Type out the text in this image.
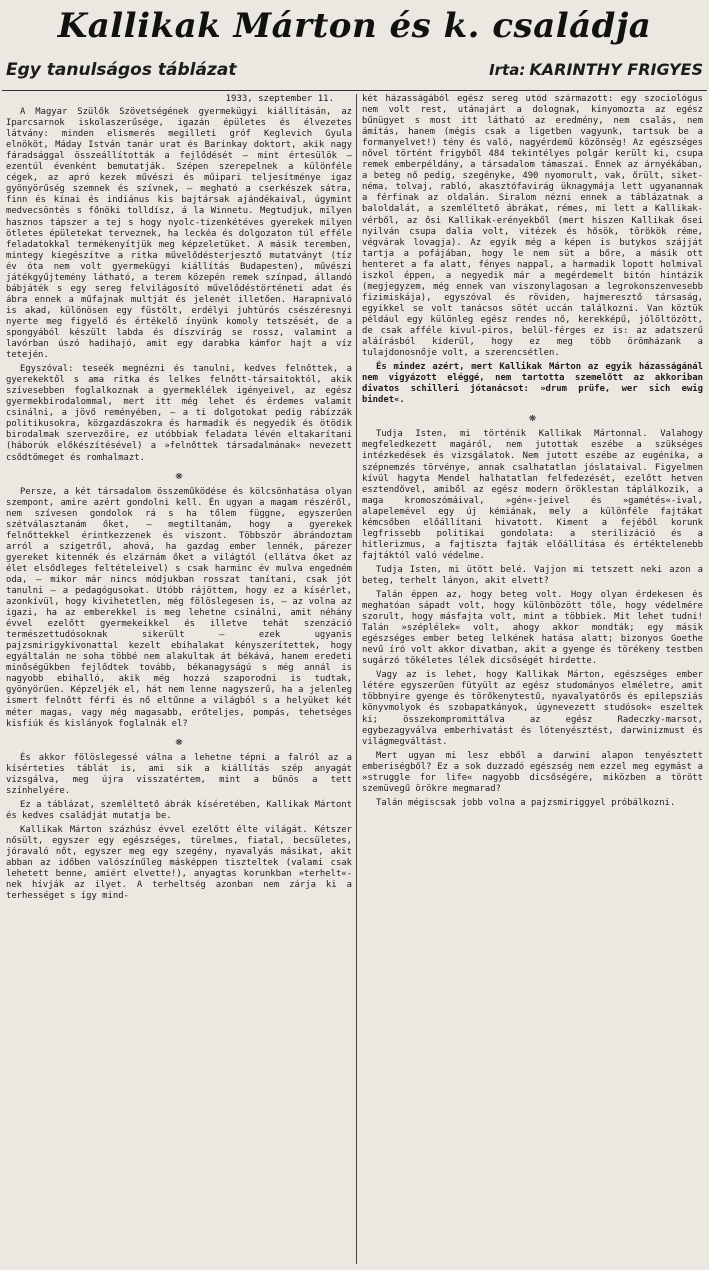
Kallikak Márton és k. családja
Egy tanulságos táblázat	Irta: KARINTHY FRIGYES
1933, szeptember 11.

A Magyar Szülők Szövetségének gyermekügyi kiállításán, az Iparcsarnok iskolaszerűsége, igazán épületes és élvezetes látvány: minden elismerés megilleti gróf Keglevich Gyula elnököt, Máday István tanár urat és Barinkay doktort, akik nagy fáradsággal összeállították a fejlődését — mint értesülök — ezentúl évenként bemutatják. Szépen szerepelnek a különféle cégek, az apró kezek művészi és műipari teljesítménye igaz gyönyörűség szemnek és szívnek, — megható a cserkészek sátra, finn és kínai és indiánus kis bajtársak ajándékaival, úgymint medvecsöntés s főnöki tolldísz, á la Winnetu. Megtudjuk, milyen hasznos tápszer a tej s hogy nyolc-tizenkétéves gyerekek milyen ötletes épületekat terveznek, ha leckéa és dolgozaton túl efféle feladatokkal termékenyítjük meg képzeletüket. A másik teremben, mintegy kiegészítve a ritka művelődésterjesztő mutatványt (tíz év óta nem volt gyermekügyi kiállítás Budapesten), művészi játékgyűjtemény látható, a terem közepén remek színpad, állandó bábjáték s egy sereg felvilágosító művelődéstörténeti adat és ábra ennek a műfajnak multját és jelenét illetően. Harapnivaló is akad, különösen egy füstölt, erdélyi juhtúrós csészéresnyi nyerte meg figyelő és értékelő ínyünk komoly tetszését, de a spongyából készült labda és díszvirág se rossz, valamint a lavórban úszó hadihajó, amit egy darabka kámfor hajt a víz tetején.

Egyszóval: teseék megnézni és tanulni, kedves felnőttek, a gyerekektől s ama ritka és lelkes felnőtt-társaitoktól, akik szívesebben foglalkoznak a gyermeklélek igényeivel, az egész gyermekbirodalommal, mert itt még lehet és érdemes valamit csinálni, a jövő reményében, — a ti dolgotokat pedig rábízzák politikusokra, közgazdászokra és harmadik és negyedik és ötödik birodalmak szervezőire, ez utóbbiak feladata lévén eltakarítani (háborúk előkészítésével) a »felnőttek társadalmának« nevezett csődtömeget és romhalmazt.

❋

Persze, a két társadalom összeműködése és kölcsönhatása olyan szempont, amire azért gondolni kell. Én ugyan a magam részéről, nem szívesen gondolok rá s ha tőlem függne, egyszerűen szétválasztanám őket, — megtiltanám, hogy a gyerekek felnőttekkel érintkezzenek és viszont. Többször ábrándoztam arról a szigetről, ahová, ha gazdag ember lennék, párezer gyereket kitennék és elzárnám őket a világtól (ellátva őket az élet elsődleges feltételeivel) s csak harminc év mulva engedném oda, — mikor már nincs módjukban rosszat tanítani, csak jót tanulni — a pedagógusokat. Utóbb rájöttem, hogy ez a kísérlet, azonkívül, hogy kivihetetlen, még fölöslegesen is, — az volna az igazi, ha az emberekkel is meg lehetne csinálni, amit néhány évvel ezelőtt gyermekeikkel és illetve tehát szenzáció természettudósoknak sikerült — ezek ugyanis pajzsmirigykivonattal kezelt ebihalakat kényszerítettek, hogy egyáltalán ne soha többé nem alakultak át békává, hanem eredeti minőségükben fejlődtek tovább, békanagyságú s még annál is nagyobb ebihalló, akik még hozzá szaporodni is tudtak, gyönyörűen. Képzeljék el, hát nem lenne nagyszerű, ha a jelenleg ismert felnőtt férfi és nő eltűnne a világból s a helyüket két méter magas, vagy még magasabb, erőteljes, pompás, tehetséges kisfiúk és kislányok foglalnák el?

❋

És akkor fölöslegessé válna a lehetne tépni a falról az a kísérteties táblát is, ami sik a kiállítás szép anyagát vizsgálva, meg újra visszatértem, mint a bűnös a tett színhelyére.

Ez a táblázat, szemléltető ábrák kíséretében, Kallikak Mártont és kedves családját mutatja be.

Kallikak Márton százhúsz évvel ezelőtt élte világát. Kétszer nősült, egyszer egy egészséges, türelmes, fiatal, becsületes, jóravaló nőt, egyszer meg egy szegény, nyavalyás másikat, akit abban az időben valószínűleg másképpen tiszteltek (valami csak lehetett benne, amiért elvette!), anyagtas korunkban »terhelt«-nek hívják az ilyet. A terheltség azonban nem zárja ki a terhességet s így mind-

két házasságából egész sereg utód származott: egy szociológus nem volt rest, utánajárt a dolognak, kinyomozta az egész bűnügyet s most itt látható az eredmény, nem csalás, nem ámítás, hanem (mégis csak a ligetben vagyunk, tartsuk be a formanyelvet!) tény és való, nagyérdemű közönség! Az egészséges nővel történt frigyből 484 tekintélyes polgár került ki, csupa remek emberpéldány, a társadalom támaszai. Ennek az árnyékában, a beteg nő pedig, szegényke, 490 nyomorult, vak, őrült, siket-néma, tolvaj, rabló, akasztófavirág üknagymája lett ugyanannak a férfinak az oldalán. Siralom nézni ennek a táblázatnak a baloldalát, a szemléltető ábrákat, rémes, mi lett a Kallikak-vérből, az ősi Kallikak-erényekből (mert hiszen Kallikak ősei nyilván csupa dalia volt, vitézek és hősök, törökök réme, végvárak lovagja). Az egyik még a képen is butykos szájját tartja a pofájában, hogy le nem süt a bőre, a másik ott henteret a fa alatt, fényes nappal, a harmadik lopott holmival iszkol éppen, a negyedik már a megérdemelt bitón hintázik (megjegyzem, még ennek van viszonylagosan a legrokonszenvesebb fizimiskája), egyszóval és röviden, hajmeresztő társaság, egyikkel se volt tanácsos sötét uccán találkozni. Van köztük például egy különleg egész rendes nő, kerekképű, jólöltözött, de csak afféle kivul-piros, belül-férges ez is: az adatszerű aláírásból kiderül, hogy ez meg több örömházank a tulajdonosnője volt, a szerencsétlen.

És mindez azért, mert Kallikak Márton az egyik házasságánál nem vigyázott eléggé, nem tartotta szemelőtt az akkoriban divatos schilleri jótanácsot: »drum prüfe, wer sich ewig bindet«.

❋

Tudja Isten, mi történik Kallikak Mártonnal. Valahogy megfeledkezett magáról, nem jutottak eszébe a szükséges intézkedések és vizsgálatok. Nem jutott eszébe az eugénika, a szépnemzés törvénye, annak csalhatatlan jóslataival. Figyelmen kívül hagyta Mendel halhatatlan felfedezését, ezelőtt hetven esztendővel, amiből az egész modern öröklestan táplálkozik, a maga kromoszómáival, »gén«-jeivel és »gamétés«-ival, alapelemével egy új kémiának, mely a különféle fajtákat kémcsőben előállítani hivatott. Kiment a fejéből korunk legfrissebb politikai gondolata: a sterilizáció és a hitlerizmus, a fajtiszta fajták előállítása és értéktelenebb fajtáktól való védelme.

Tudja Isten, mi ütött belé. Vajjon mi tetszett neki azon a beteg, terhelt lányon, akit elvett?

Talán éppen az, hogy beteg volt. Hogy olyan érdekesen és meghatóan sápadt volt, hogy különbözött tőle, hogy védelmére szorult, hogy másfajta volt, mint a többiek. Mit lehet tudni! Talán »széplélek« volt, ahogy akkor mondták; egy másik egészséges ember beteg lelkének hatása alatt; bizonyos Goethe nevű író volt akkor divatban, akit a gyenge és törékeny testben sugárzó tökéletes lélek dicsőségét hirdette.

Vagy az is lehet, hogy Kallikak Márton, egészséges ember létére egyszerűen fütyült az egész studományos elméletre, amit többnyire gyenge és törőkenytestű, nyavalyatörős és epilepsziás könyvmolyok és szobapatkányok, úgynevezett studósok« eszeltek ki; összekompromittálva az egész Radeczky-marsot, egybezagyválva emberhivatást és lótenyésztést, darwinizmust és világmegváltást.

Mert ugyan mi lesz ebből a darwini alapon tenyésztett emberiségből? Ez a sok duzzadó egészség nem ezzel meg egymást a »struggle for life« nagyobb dicsőségére, miközben a törött szemüvegű örökre megmarad?

Talán mégiscsak jobb volna a pajzsmiriggyel próbálkozni.
